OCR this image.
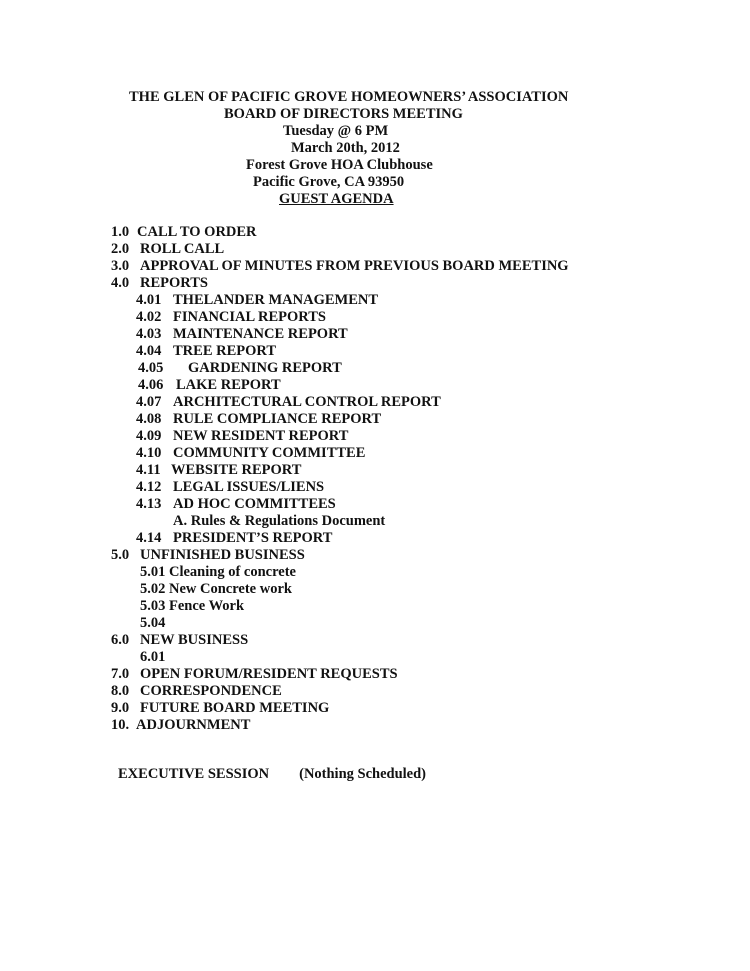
THE GLEN OF PACIFIC GROVE HOMEOWNERS’ ASSOCIATION
BOARD OF DIRECTORS MEETING
Tuesday @ 6 PM
March 20th, 2012
Forest Grove HOA Clubhouse
Pacific Grove, CA 93950
GUEST AGENDA
1.0 CALL TO ORDER
2.0 ROLL CALL
3.0 APPROVAL OF MINUTES FROM PREVIOUS BOARD MEETING
4.0 REPORTS
4.01 THELANDER MANAGEMENT
4.02 FINANCIAL REPORTS
4.03 MAINTENANCE REPORT
4.04 TREE REPORT
4.05 GARDENING REPORT
4.06 LAKE REPORT
4.07 ARCHITECTURAL CONTROL REPORT
4.08 RULE COMPLIANCE REPORT
4.09 NEW RESIDENT REPORT
4.10 COMMUNITY COMMITTEE
4.11 WEBSITE REPORT
4.12 LEGAL ISSUES/LIENS
4.13 AD HOC COMMITTEES
A. Rules & Regulations Document
4.14 PRESIDENT’S REPORT
5.0 UNFINISHED BUSINESS
5.01 Cleaning of concrete
5.02 New Concrete work
5.03 Fence Work
5.04
6.0 NEW BUSINESS
6.01
7.0 OPEN FORUM/RESIDENT REQUESTS
8.0 CORRESPONDENCE
9.0 FUTURE BOARD MEETING
10. ADJOURNMENT
EXECUTIVE SESSION (Nothing Scheduled)
